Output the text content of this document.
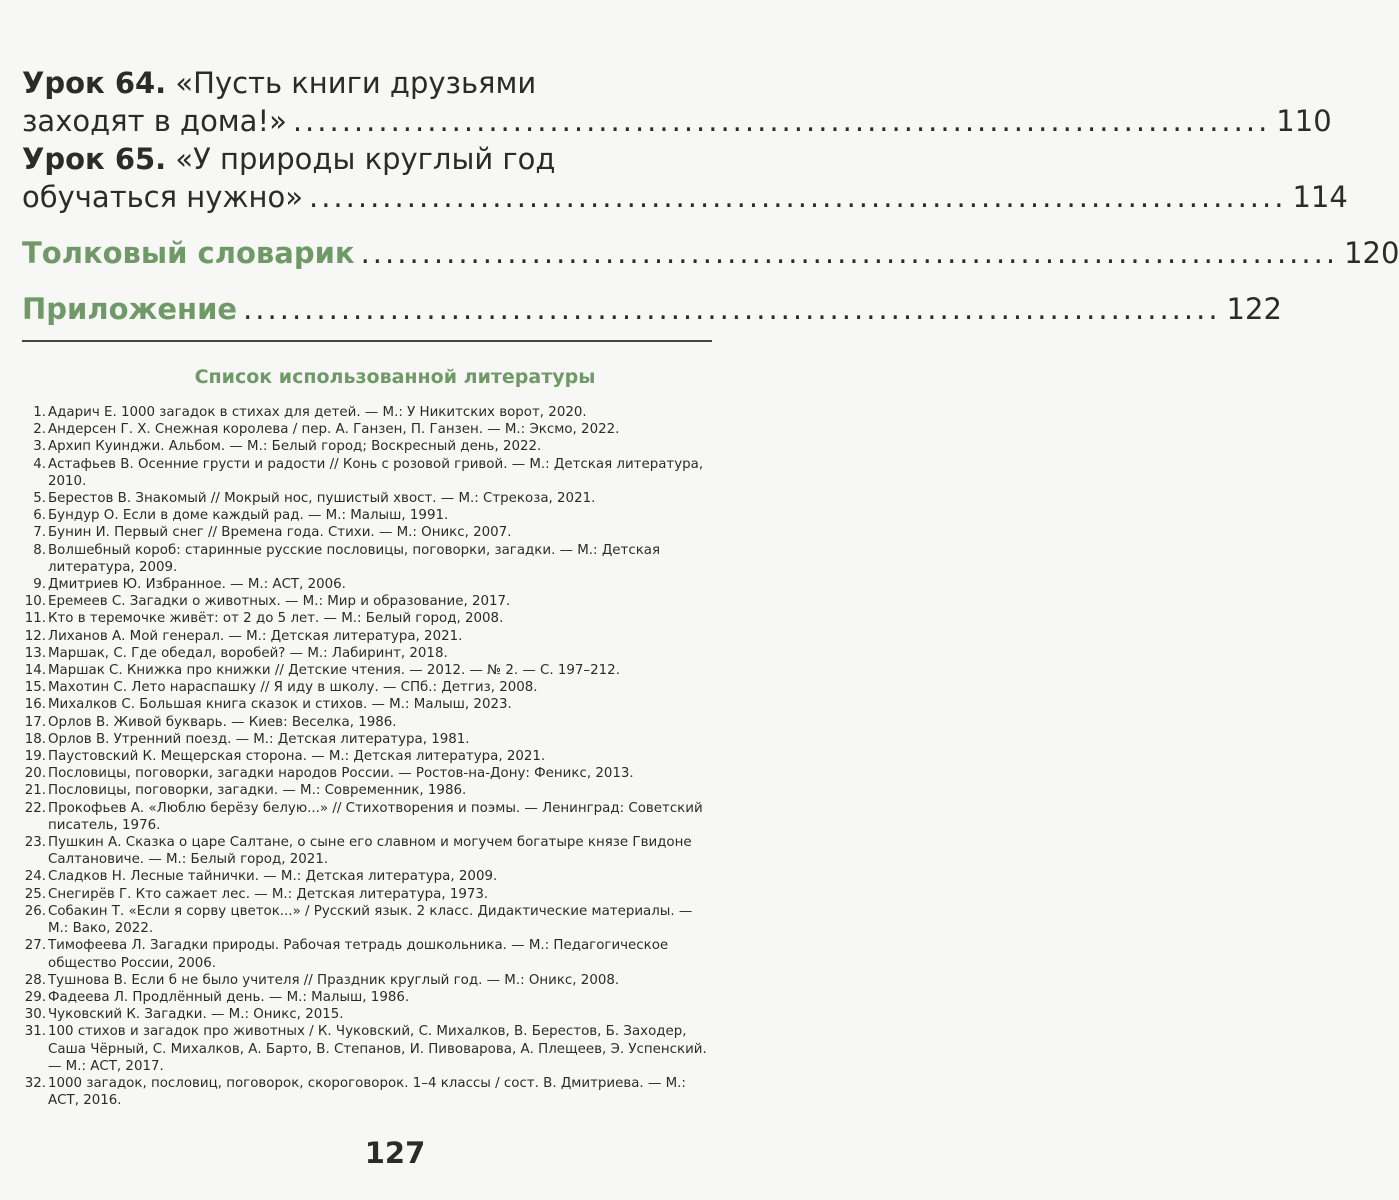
Урок 64. «Пусть книги друзьями
заходят в дома!» ................................................................................ 110
Урок 65. «У природы круглый год
обучаться нужно» ................................................................................ 114
Толковый словарик ................................................................................ 120
Приложение ................................................................................ 122
Список использованной литературы
1. Адарич Е. 1000 загадок в стихах для детей. — М.: У Никитских ворот, 2020.
2. Андерсен Г. Х. Снежная королева / пер. А. Ганзен, П. Ганзен. — М.: Эксмо, 2022.
3. Архип Куинджи. Альбом. — М.: Белый город; Воскресный день, 2022.
4. Астафьев В. Осенние грусти и радости // Конь с розовой гривой. — М.: Детская литература, 2010.
5. Берестов В. Знакомый // Мокрый нос, пушистый хвост. — М.: Стрекоза, 2021.
6. Бундур О. Если в доме каждый рад. — М.: Малыш, 1991.
7. Бунин И. Первый снег // Времена года. Стихи. — М.: Оникс, 2007.
8. Волшебный короб: старинные русские пословицы, поговорки, загадки. — М.: Детская литература, 2009.
9. Дмитриев Ю. Избранное. — М.: АСТ, 2006.
10. Еремеев С. Загадки о животных. — М.: Мир и образование, 2017.
11. Кто в теремочке живёт: от 2 до 5 лет. — М.: Белый город, 2008.
12. Лиханов А. Мой генерал. — М.: Детская литература, 2021.
13. Маршак, С. Где обедал, воробей? — М.: Лабиринт, 2018.
14. Маршак С. Книжка про книжки // Детские чтения. — 2012. — № 2. — С. 197–212.
15. Махотин С. Лето нараспашку // Я иду в школу. — СПб.: Детгиз, 2008.
16. Михалков С. Большая книга сказок и стихов. — М.: Малыш, 2023.
17. Орлов В. Живой букварь. — Киев: Веселка, 1986.
18. Орлов В. Утренний поезд. — М.: Детская литература, 1981.
19. Паустовский К. Мещерская сторона. — М.: Детская литература, 2021.
20. Пословицы, поговорки, загадки народов России. — Ростов-на-Дону: Феникс, 2013.
21. Пословицы, поговорки, загадки. — М.: Современник, 1986.
22. Прокофьев А. «Люблю берёзу белую...» // Стихотворения и поэмы. — Ленинград: Советский писатель, 1976.
23. Пушкин А. Сказка о царе Салтане, о сыне его славном и могучем богатыре князе Гвидоне Салтановиче. — М.: Белый город, 2021.
24. Сладков Н. Лесные тайнички. — М.: Детская литература, 2009.
25. Снегирёв Г. Кто сажает лес. — М.: Детская литература, 1973.
26. Собакин Т. «Если я сорву цветок...» / Русский язык. 2 класс. Дидактические материалы. — М.: Вако, 2022.
27. Тимофеева Л. Загадки природы. Рабочая тетрадь дошкольника. — М.: Педагогическое общество России, 2006.
28. Тушнова В. Если б не было учителя // Праздник круглый год. — М.: Оникс, 2008.
29. Фадеева Л. Продлённый день. — М.: Малыш, 1986.
30. Чуковский К. Загадки. — М.: Оникс, 2015.
31. 100 стихов и загадок про животных / К. Чуковский, С. Михалков, В. Берестов, Б. Заходер, Саша Чёрный, С. Михалков, А. Барто, В. Степанов, И. Пивоварова, А. Плещеев, Э. Успенский. — М.: АСТ, 2017.
32. 1000 загадок, пословиц, поговорок, скороговорок. 1–4 классы / сост. В. Дмитриева. — М.: АСТ, 2016.
127
